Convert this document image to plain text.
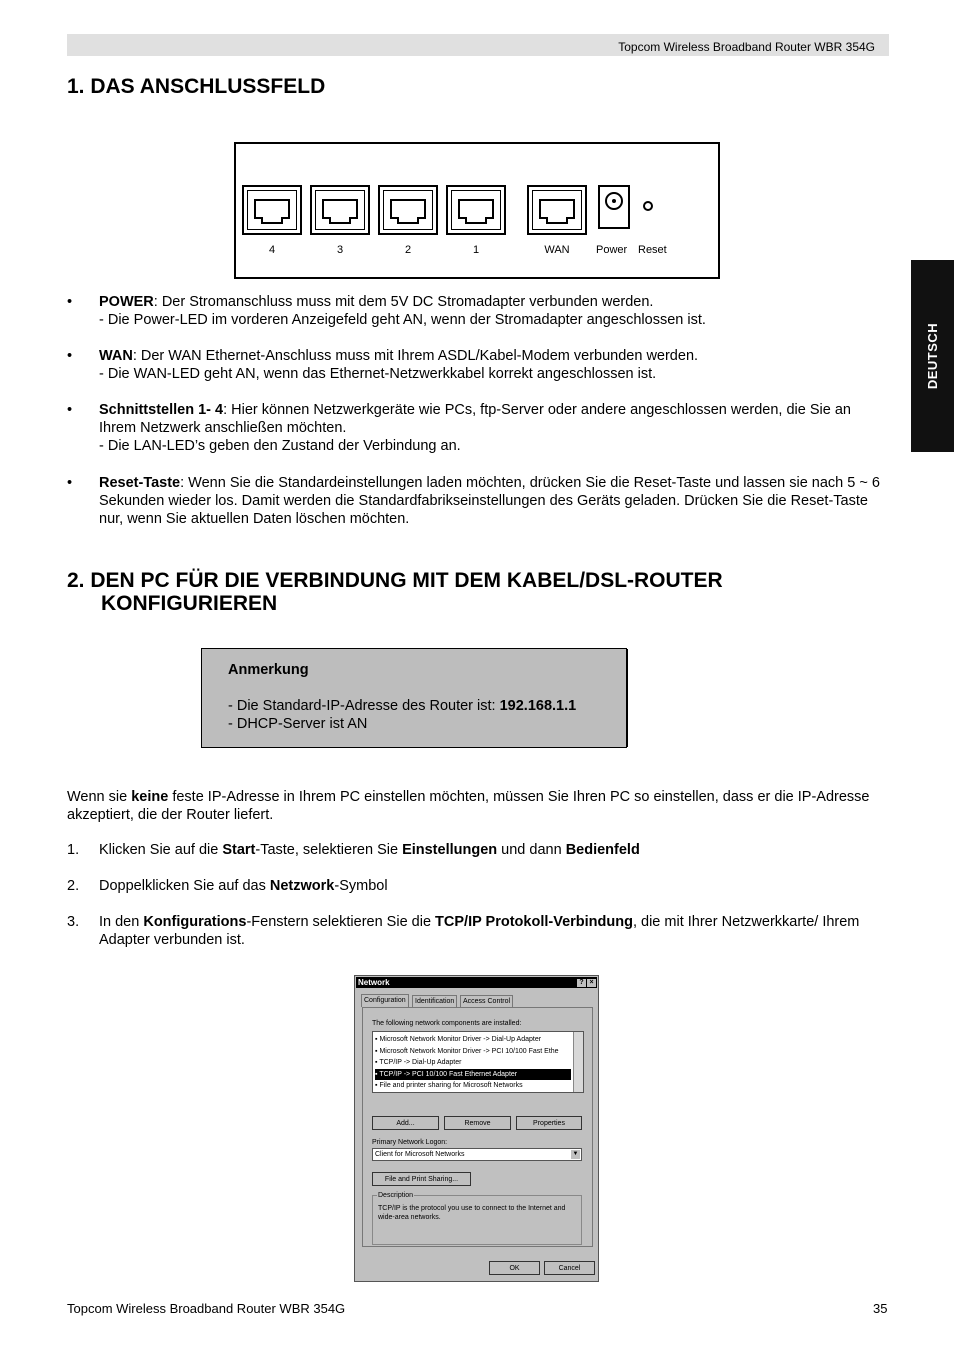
Topcom Wireless Broadband Router WBR 354G
DEUTSCH
1. DAS ANSCHLUSSFELD
Power Reset
4	3	2	1	WAN
• POWER: Der Stromanschluss muss mit dem 5V DC Stromadapter verbunden werden.
- Die Power-LED im vorderen Anzeigefeld geht AN, wenn der Stromadapter angeschlossen ist.
• WAN: Der WAN Ethernet-Anschluss muss mit Ihrem ASDL/Kabel-Modem verbunden werden.
- Die WAN-LED geht AN, wenn das Ethernet-Netzwerkkabel korrekt angeschlossen ist.
• Schnittstellen 1- 4: Hier können Netzwerkgeräte wie PCs, ftp-Server oder andere angeschlossen werden, die Sie an Ihrem Netzwerk anschließen möchten.
- Die LAN-LED’s geben den Zustand der Verbindung an.
• Reset-Taste: Wenn Sie die Standardeinstellungen laden möchten, drücken Sie die Reset-Taste und lassen sie nach 5 ~ 6 Sekunden wieder los. Damit werden die Standardfabrikseinstellungen des Geräts geladen. Drücken Sie die Reset-Taste nur, wenn Sie aktuellen Daten löschen möchten.
2. DEN PC FÜR DIE VERBINDUNG MIT DEM KABEL/DSL-ROUTER
KONFIGURIEREN
Anmerkung
- Die Standard-IP-Adresse des Router ist: 192.168.1.1
- DHCP-Server ist AN
Wenn sie keine feste IP-Adresse in Ihrem PC einstellen möchten, müssen Sie Ihren PC so einstellen, dass er die IP-Adresse akzeptiert, die der Router liefert.
1. Klicken Sie auf die Start-Taste, selektieren Sie Einstellungen und dann Bedienfeld
2. Doppelklicken Sie auf das Netzwork-Symbol
3. In den Konfigurations-Fenstern selektieren Sie die TCP/IP Protokoll-Verbindung, die mit Ihrer Netzwerkkarte/ Ihrem Adapter verbunden ist.
Network	? ×
Configuration	Identification	Access Control
The following network components are installed:
▪ Microsoft Network Monitor Driver -> Dial-Up Adapter
▪ Microsoft Network Monitor Driver -> PCI 10/100 Fast Ethe
▪ TCP/IP -> Dial-Up Adapter
▪ TCP/IP -> PCI 10/100 Fast Ethernet Adapter
▪ File and printer sharing for Microsoft Networks
Add...	Remove	Properties
Primary Network Logon:
Client for Microsoft Networks	▼
File and Print Sharing...
Description
TCP/IP is the protocol you use to connect to the Internet and wide-area networks.
OK	Cancel
Topcom Wireless Broadband Router WBR 354G	35
